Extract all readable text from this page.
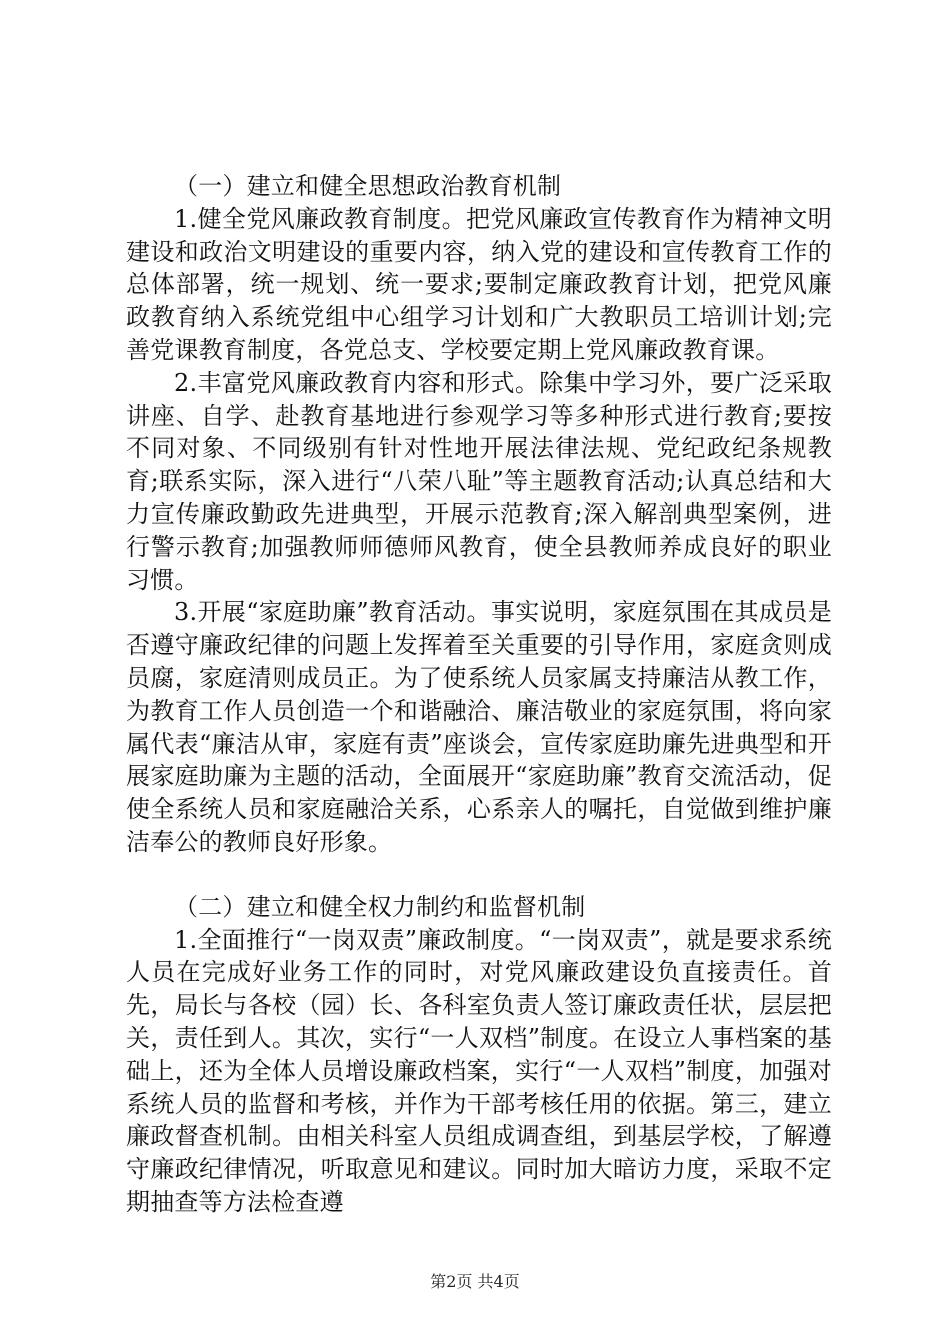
（一）建立和健全思想政治教育机制

1.健全党风廉政教育制度。把党风廉政宣传教育作为精神文明建设和政治文明建设的重要内容，纳入党的建设和宣传教育工作的总体部署，统一规划、统一要求;要制定廉政教育计划，把党风廉政教育纳入系统党组中心组学习计划和广大教职员工培训计划;完善党课教育制度，各党总支、学校要定期上党风廉政教育课。

2.丰富党风廉政教育内容和形式。除集中学习外，要广泛采取讲座、自学、赴教育基地进行参观学习等多种形式进行教育;要按不同对象、不同级别有针对性地开展法律法规、党纪政纪条规教育;联系实际，深入进行“八荣八耻”等主题教育活动;认真总结和大力宣传廉政勤政先进典型，开展示范教育;深入解剖典型案例，进行警示教育;加强教师师德师风教育，使全县教师养成良好的职业习惯。

3.开展“家庭助廉”教育活动。事实说明，家庭氛围在其成员是否遵守廉政纪律的问题上发挥着至关重要的引导作用，家庭贪则成员腐，家庭清则成员正。为了使系统人员家属支持廉洁从教工作，为教育工作人员创造一个和谐融洽、廉洁敬业的家庭氛围，将向家属代表“廉洁从审，家庭有责”座谈会，宣传家庭助廉先进典型和开展家庭助廉为主题的活动，全面展开“家庭助廉”教育交流活动，促使全系统人员和家庭融洽关系，心系亲人的嘱托，自觉做到维护廉洁奉公的教师良好形象。

（二）建立和健全权力制约和监督机制

1.全面推行“一岗双责”廉政制度。“一岗双责”，就是要求系统人员在完成好业务工作的同时，对党风廉政建设负直接责任。首先，局长与各校（园）长、各科室负责人签订廉政责任状，层层把关，责任到人。其次，实行“一人双档”制度。在设立人事档案的基础上，还为全体人员增设廉政档案，实行“一人双档”制度，加强对系统人员的监督和考核，并作为干部考核任用的依据。第三，建立廉政督查机制。由相关科室人员组成调查组，到基层学校，了解遵守廉政纪律情况，听取意见和建议。同时加大暗访力度，采取不定期抽查等方法检查遵

第2页 共4页
